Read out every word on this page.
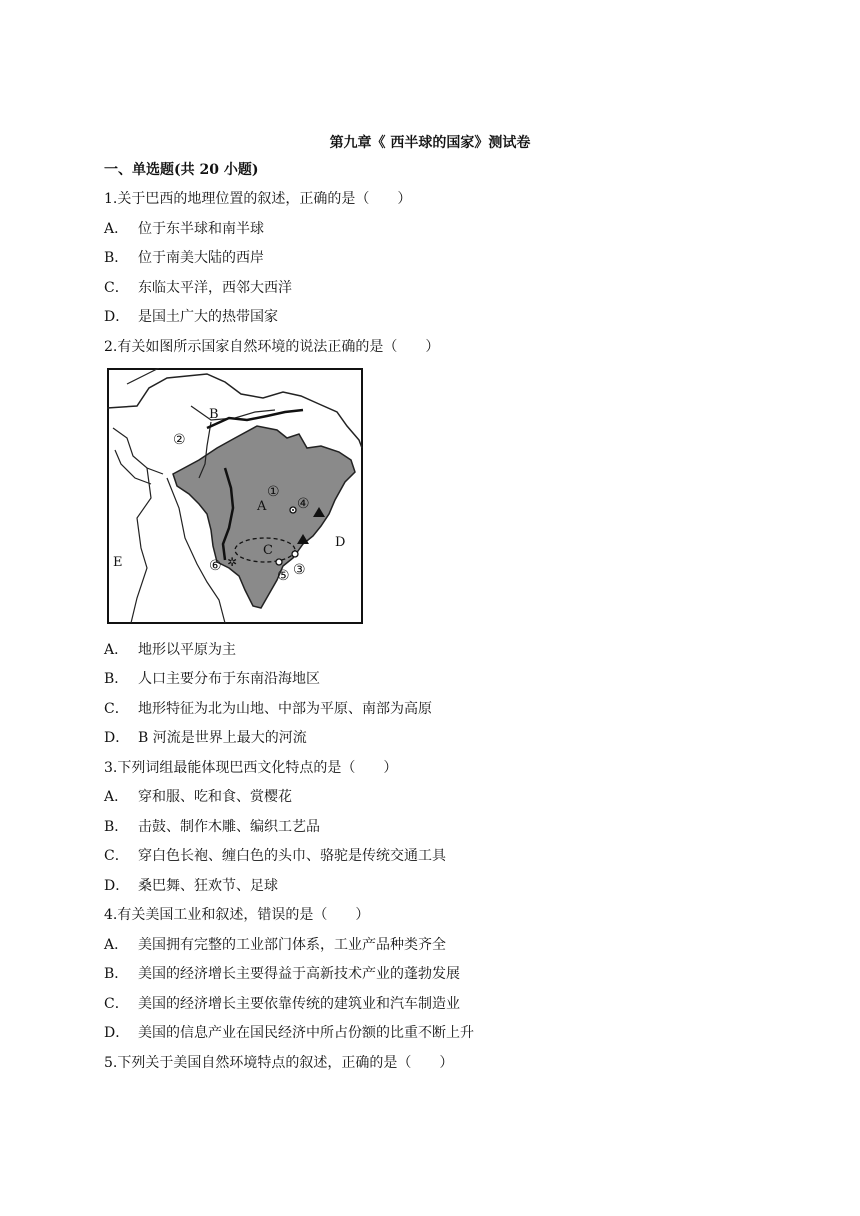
第九章《 西半球的国家》测试卷
一、单选题(共 20 小题)
1.关于巴西的地理位置的叙述，正确的是（　　）
A． 位于东半球和南半球
B． 位于南美大陆的西岸
C． 东临太平洋，西邻大西洋
D． 是国土广大的热带国家
2.有关如图所示国家自然环境的说法正确的是（　　）
✲
A
B
C
D
E
①
②
③
④
⑤
⑥
A． 地形以平原为主
B． 人口主要分布于东南沿海地区
C． 地形特征为北为山地、中部为平原、南部为高原
D． B 河流是世界上最大的河流
3.下列词组最能体现巴西文化特点的是（　　）
A． 穿和服、吃和食、赏樱花
B． 击鼓、制作木雕、编织工艺品
C． 穿白色长袍、缠白色的头巾、骆驼是传统交通工具
D． 桑巴舞、狂欢节、足球
4.有关美国工业和叙述，错误的是（　　）
A． 美国拥有完整的工业部门体系，工业产品种类齐全
B． 美国的经济增长主要得益于高新技术产业的蓬勃发展
C． 美国的经济增长主要依靠传统的建筑业和汽车制造业
D． 美国的信息产业在国民经济中所占份额的比重不断上升
5.下列关于美国自然环境特点的叙述，正确的是（　　）
